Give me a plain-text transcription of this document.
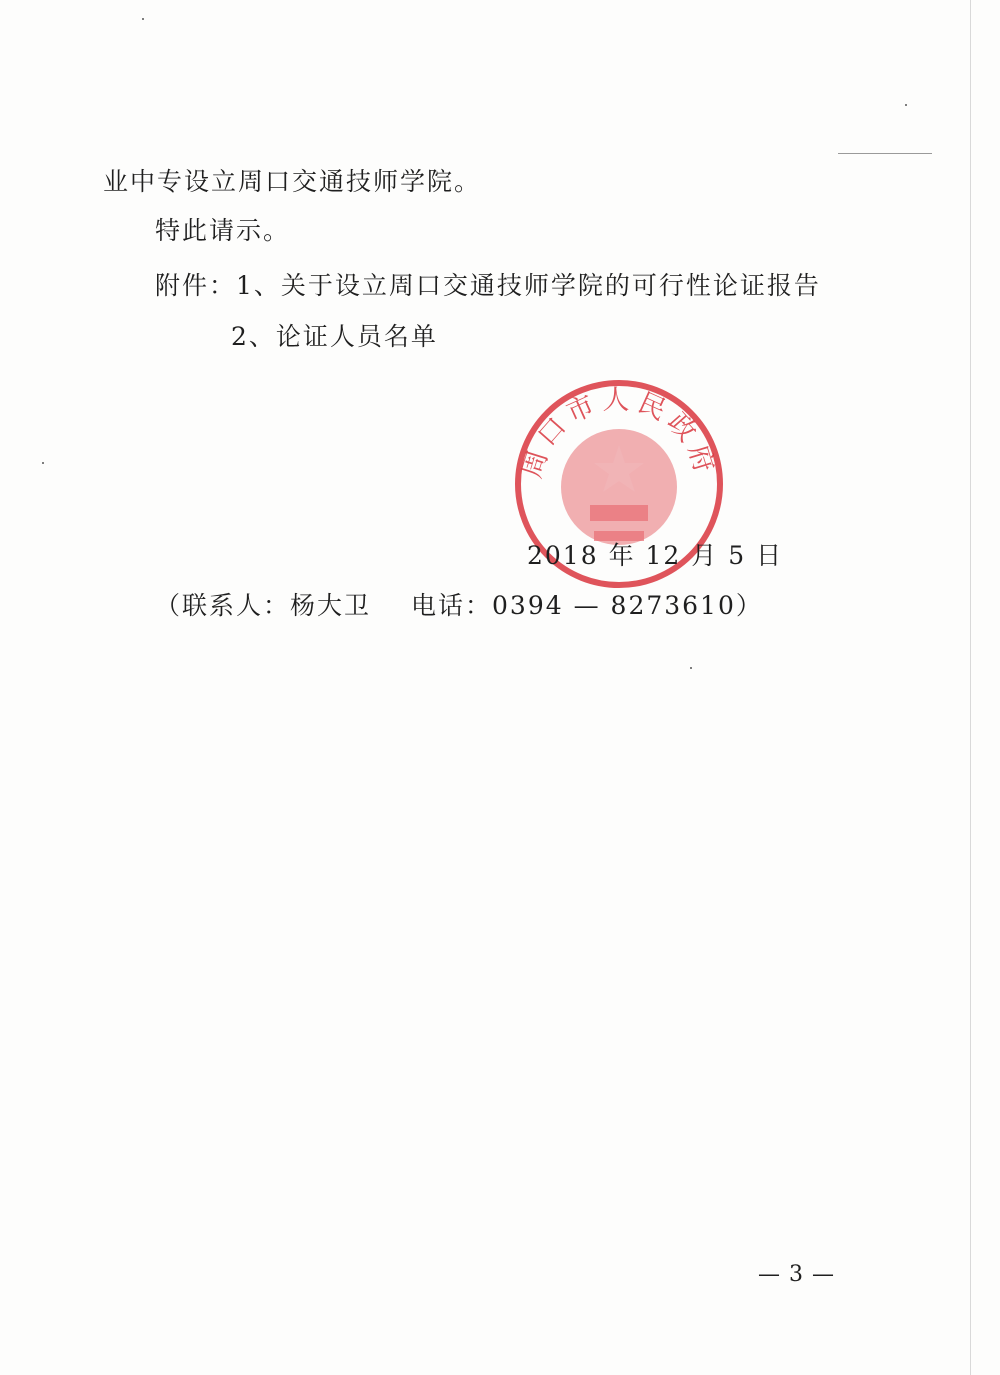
业中专设立周口交通技师学院。
特此请示。
附件：1、关于设立周口交通技师学院的可行性论证报告
2、论证人员名单
周口市人民政府
2018 年 12 月 5 日
（联系人：杨大卫 电话：0394 — 8273610）
— 3 —
